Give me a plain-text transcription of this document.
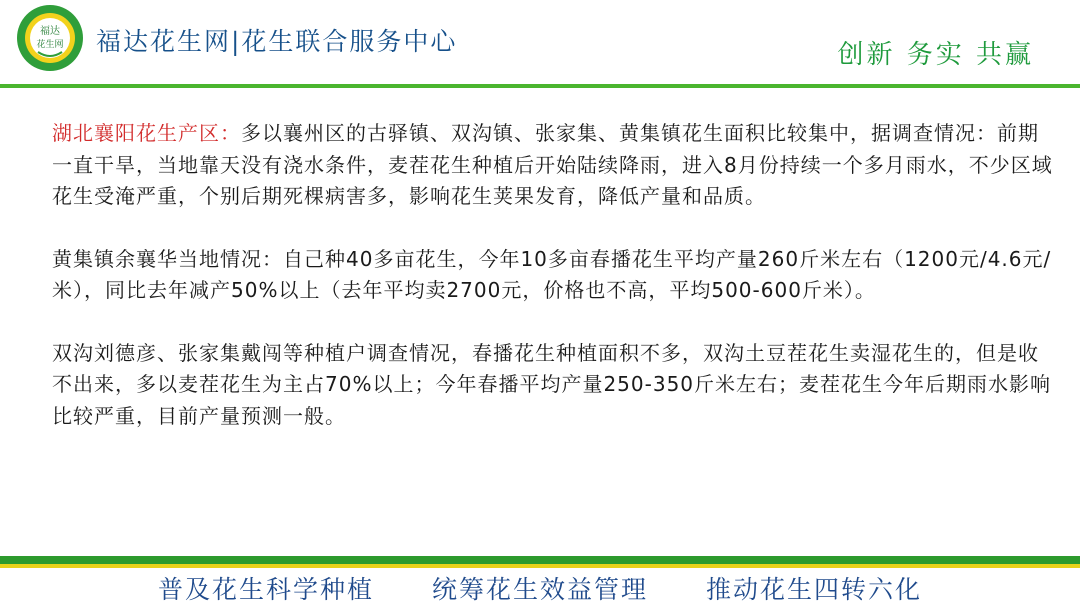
福达
花生网 福达花生网|花生联合服务中心	创新 务实 共赢

湖北襄阳花生产区：多以襄州区的古驿镇、双沟镇、张家集、黄集镇花生面积比较集中，据调查情况：前期一直干旱，当地靠天没有浇水条件，麦茬花生种植后开始陆续降雨，进入8月份持续一个多月雨水，不少区域花生受淹严重，个别后期死棵病害多，影响花生荚果发育，降低产量和品质。

黄集镇余襄华当地情况：自己种40多亩花生，今年10多亩春播花生平均产量260斤米左右（1200元/4.6元/米），同比去年减产50%以上（去年平均卖2700元，价格也不高，平均500-600斤米）。

双沟刘德彦、张家集戴闯等种植户调查情况，春播花生种植面积不多，双沟土豆茬花生卖湿花生的，但是收不出来，多以麦茬花生为主占70%以上；今年春播平均产量250-350斤米左右；麦茬花生今年后期雨水影响比较严重，目前产量预测一般。

普及花生科学种植 统筹花生效益管理 推动花生四转六化
